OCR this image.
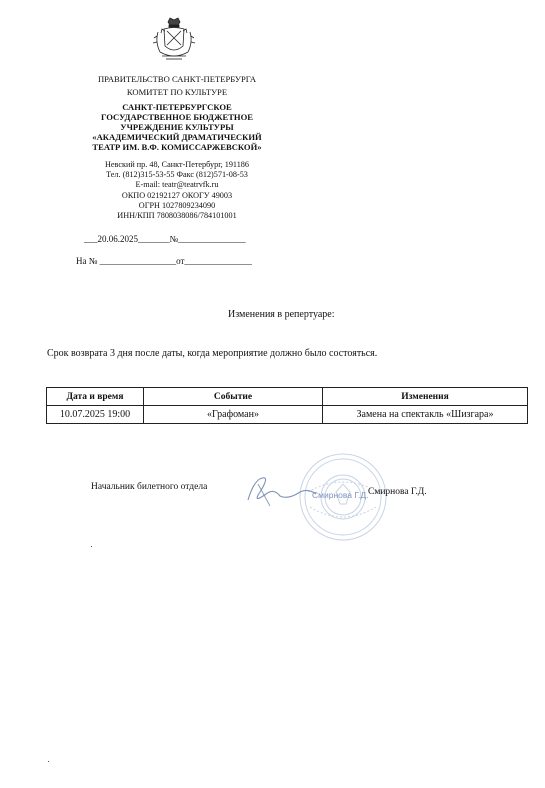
ПРАВИТЕЛЬСТВО САНКТ-ПЕТЕРБУРГА
КОМИТЕТ ПО КУЛЬТУРЕ
САНКТ-ПЕТЕРБУРГСКОЕ
ГОСУДАРСТВЕННОЕ БЮДЖЕТНОЕ
УЧРЕЖДЕНИЕ КУЛЬТУРЫ
«АКАДЕМИЧЕСКИЙ ДРАМАТИЧЕСКИЙ
ТЕАТР ИМ. В.Ф. КОМИССАРЖЕВСКОЙ»
Невский пр. 48, Санкт-Петербург, 191186
Тел. (812)315-53-55 Факс (812)571-08-53
E-mail: teatr@teatrvfk.ru
ОКПО 02192127 ОКОГУ 49003
ОГРН 1027809234090
ИНН/КПП 7808038086/784101001
___20.06.2025_______№_______________
На № _________________от_______________
Изменения в репертуаре:
Срок возврата 3 дня после даты, когда мероприятие должно было состояться.
Дата и время	Событие	Изменения
10.07.2025 19:00	«Графоман»	Замена на спектакль «Шизгара»
Смирнова Г.Д.
Начальник билетного отдела	Смирнова Г.Д.
